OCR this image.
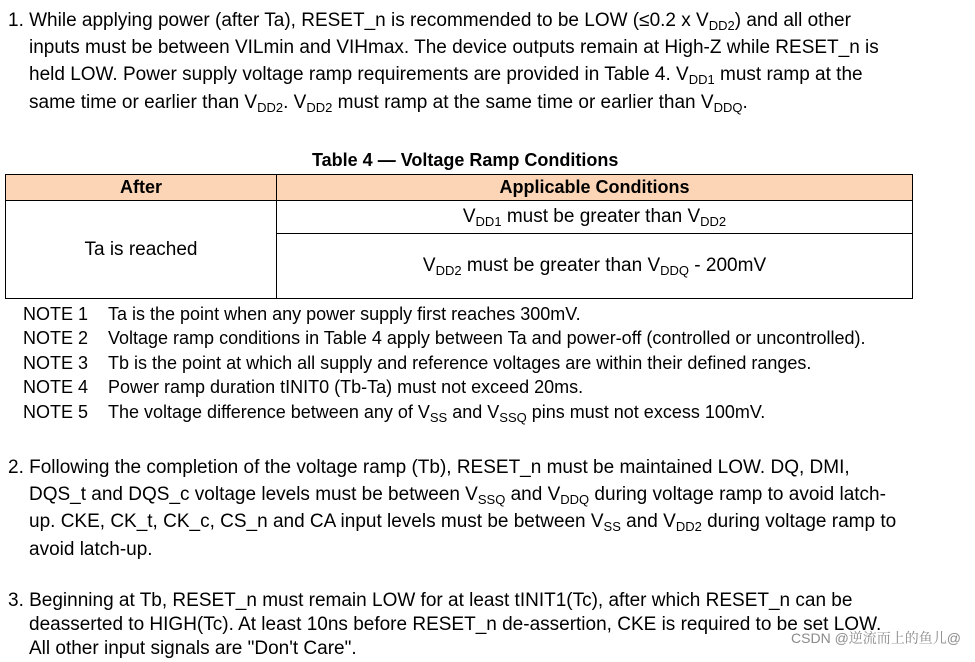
1. While applying power (after Ta), RESET_n is recommended to be LOW (≤0.2 x $V_{DD2}$) and all other
inputs must be between VILmin and VIHmax. The device outputs remain at High-Z while RESET_n is
held LOW. Power supply voltage ramp requirements are provided in Table 4. $V_{DD1}$ must ramp at the
same time or earlier than $V_{DD2}$. $V_{DD2}$ must ramp at the same time or earlier than $V_{DDQ}$.
Table 4 — Voltage Ramp Conditions
After	Applicable Conditions
Ta is reached	$V_{DD1}$ must be greater than $V_{DD2}$
	$V_{DD2}$ must be greater than $V_{DDQ} - 200mV$
NOTE 1 Ta is the point when any power supply first reaches 300mV.
NOTE 2 Voltage ramp conditions in Table 4 apply between Ta and power-off (controlled or uncontrolled).
NOTE 3 Tb is the point at which all supply and reference voltages are within their defined ranges.
NOTE 4 Power ramp duration tINIT0 (Tb-Ta) must not exceed 20ms.
NOTE 5 The voltage difference between any of $V_{SS}$ and $V_{SSQ}$ pins must not excess 100mV.
2. Following the completion of the voltage ramp (Tb), RESET_n must be maintained LOW. DQ, DMI,
DQS_t and DQS_c voltage levels must be between $V_{SSQ}$ and $V_{DDQ}$ during voltage ramp to avoid latch-
up. CKE, CK_t, CK_c, CS_n and CA input levels must be between $V_{SS}$ and $V_{DD2}$ during voltage ramp to
avoid latch-up.
3. Beginning at Tb, RESET_n must remain LOW for at least tINIT1(Tc), after which RESET_n can be
deasserted to HIGH(Tc). At least 10ns before RESET_n de-assertion, CKE is required to be set LOW.
All other input signals are "Don't Care".	CSDN @逆流而上的鱼儿@
